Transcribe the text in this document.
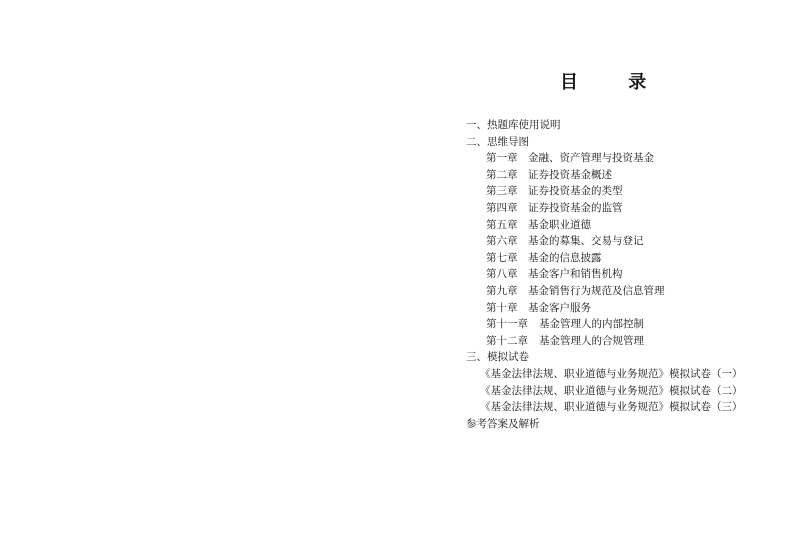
目 录
一、热题库使用说明
二、思维导图
第一章 金融、资产管理与投资基金
第二章 证券投资基金概述
第三章 证券投资基金的类型
第四章 证券投资基金的监管
第五章 基金职业道德
第六章 基金的募集、交易与登记
第七章 基金的信息披露
第八章 基金客户和销售机构
第九章 基金销售行为规范及信息管理
第十章 基金客户服务
第十一章 基金管理人的内部控制
第十二章 基金管理人的合规管理
三、模拟试卷
《基金法律法规、职业道德与业务规范》模拟试卷（一）
《基金法律法规、职业道德与业务规范》模拟试卷（二）
《基金法律法规、职业道德与业务规范》模拟试卷（三）
参考答案及解析
